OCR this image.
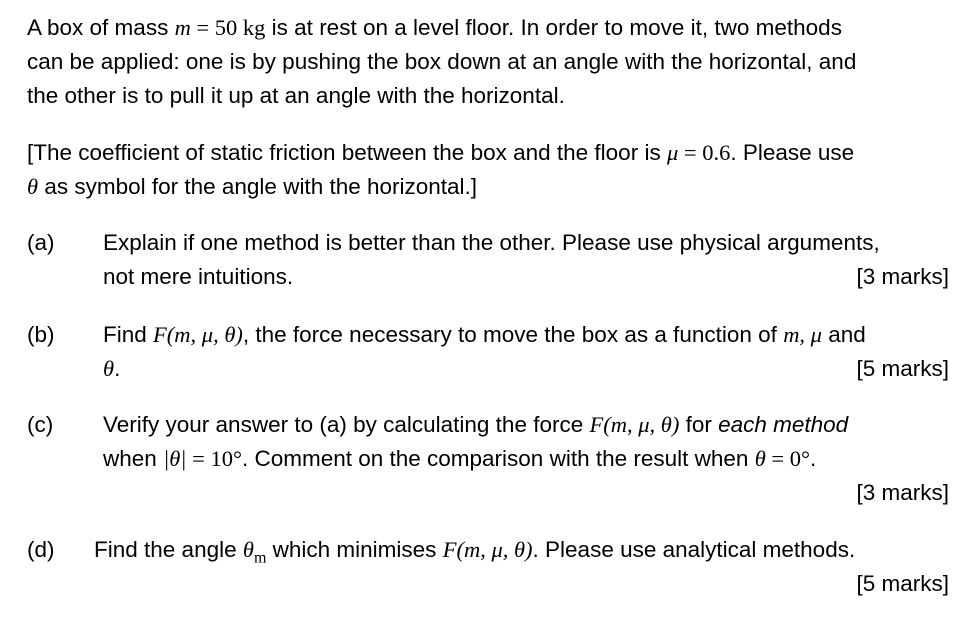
A box of mass m = 50 kg is at rest on a level floor. In order to move it, two methods
can be applied: one is by pushing the box down at an angle with the horizontal, and
the other is to pull it up at an angle with the horizontal.
[The coefficient of static friction between the box and the floor is μ = 0.6. Please use
θ as symbol for the angle with the horizontal.]
(a) Explain if one method is better than the other. Please use physical arguments,
not mere intuitions.	[3 marks]
(b) Find F(m, μ, θ), the force necessary to move the box as a function of m, μ and
θ.	[5 marks]
(c) Verify your answer to (a) by calculating the force F(m, μ, θ) for each method
when |θ| = 10°. Comment on the comparison with the result when θ = 0°.
[3 marks]
(d) Find the angle $\theta_m$ which minimises F(m, μ, θ). Please use analytical methods.
[5 marks]
